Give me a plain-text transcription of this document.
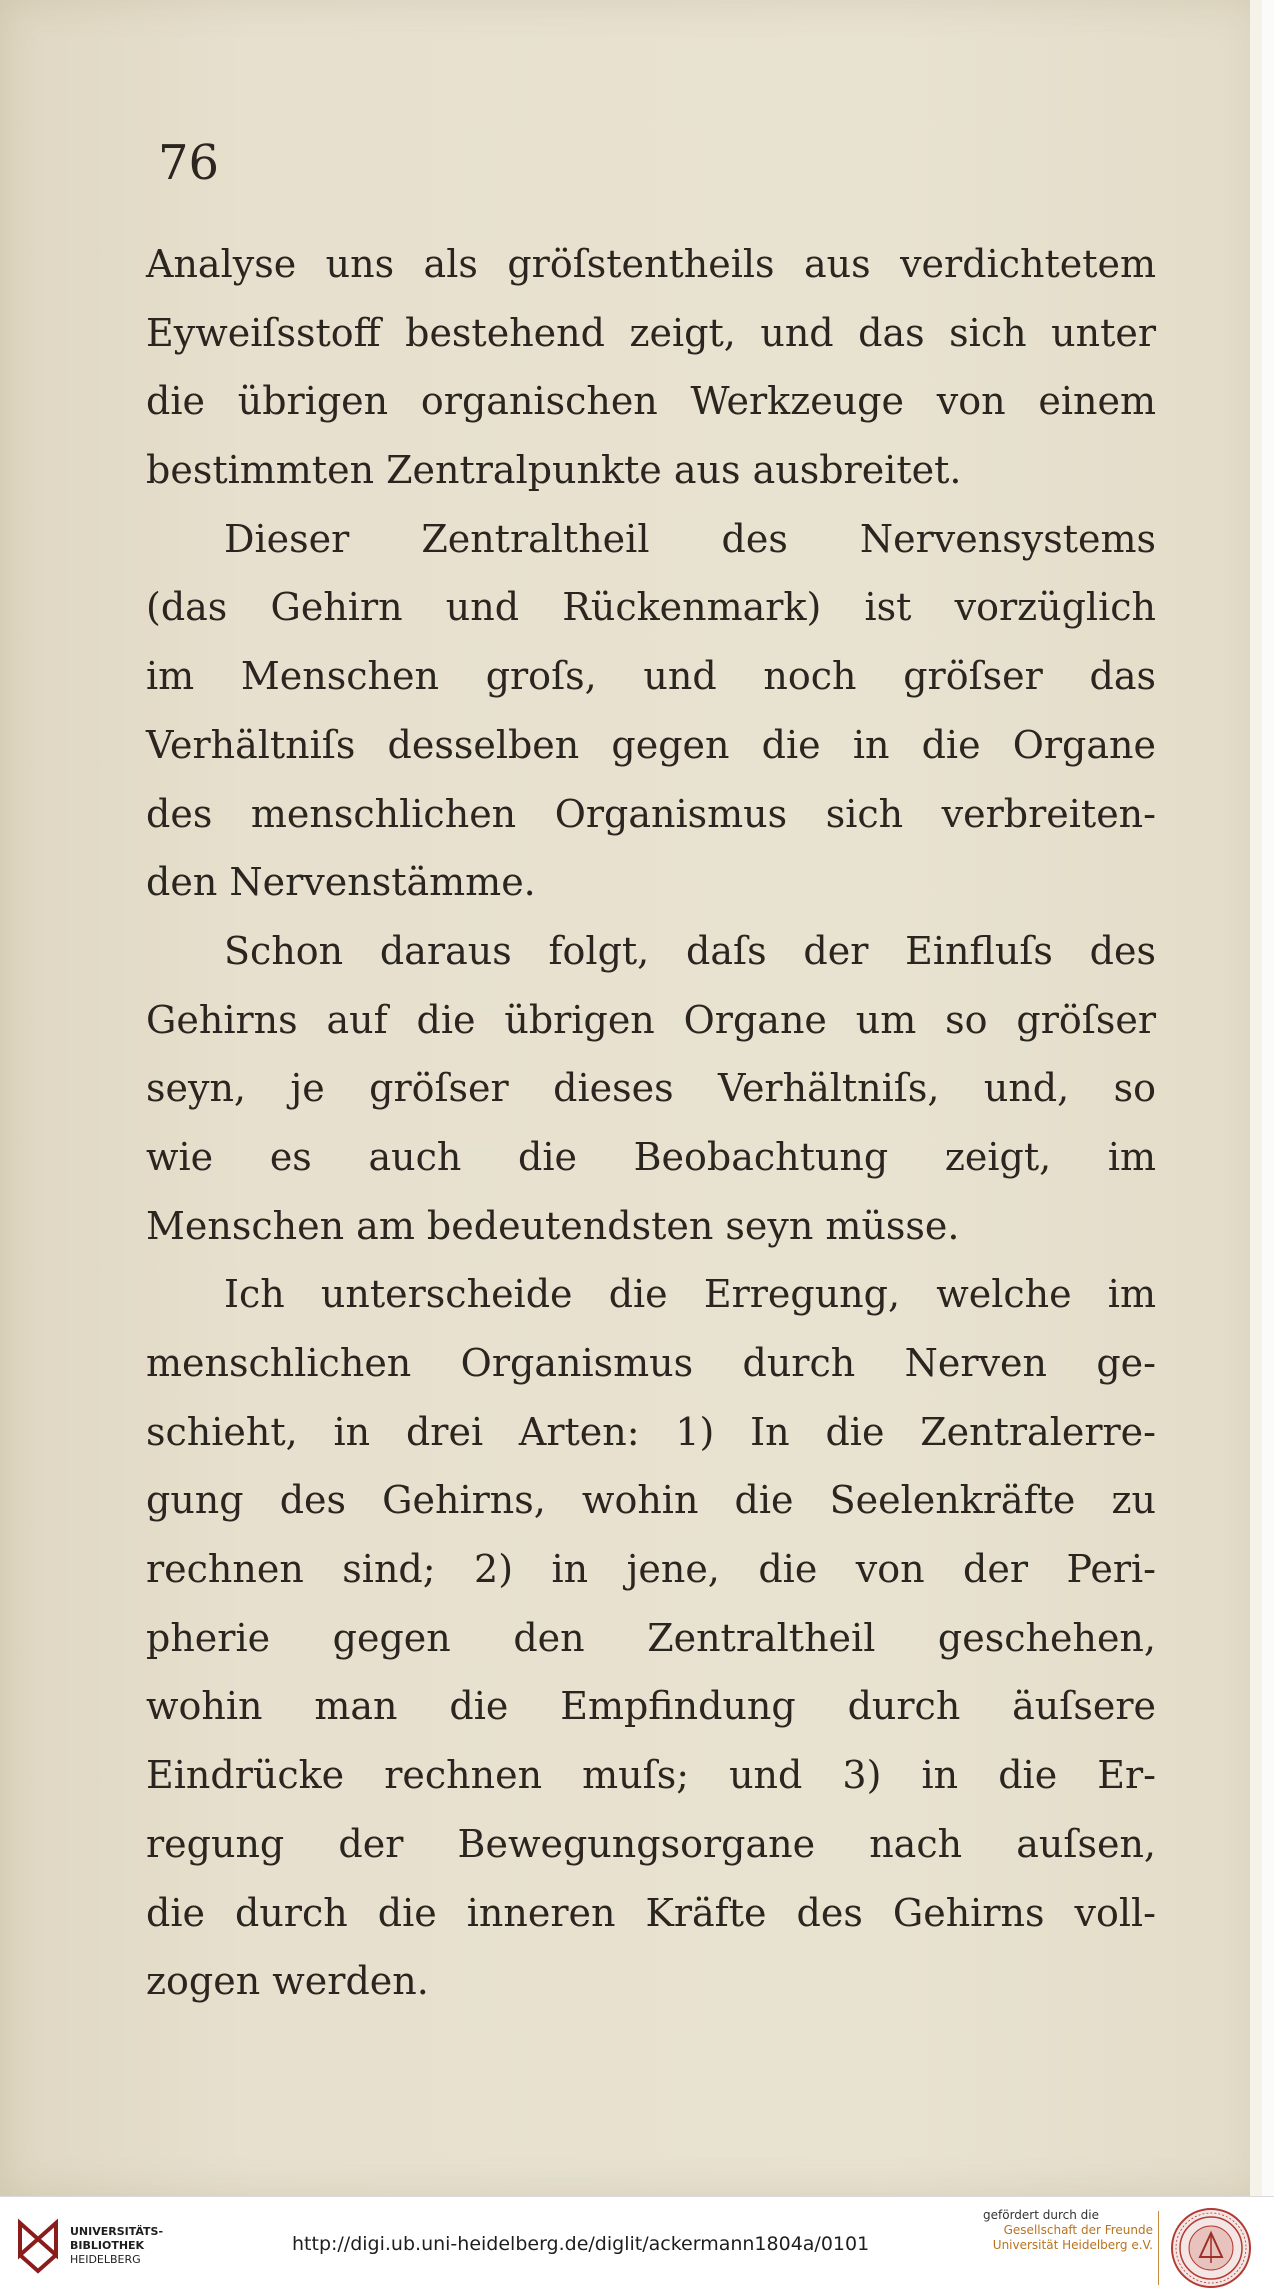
76
Analyse uns als gröſstentheils aus verdichtetem
Eyweiſsstoff bestehend zeigt, und das sich unter
die übrigen organischen Werkzeuge von einem
bestimmten Zentralpunkte aus ausbreitet.
Dieser Zentraltheil des Nervensystems
(das Gehirn und Rückenmark) ist vorzüglich
im Menschen groſs, und noch gröſser das
Verhältniſs desselben gegen die in die Organe
des menschlichen Organismus sich verbreiten-
den Nervenstämme.
Schon daraus folgt, daſs der Einfluſs des
Gehirns auf die übrigen Organe um so gröſser
seyn, je gröſser dieses Verhältniſs, und, so
wie es auch die Beobachtung zeigt, im
Menschen am bedeutendsten seyn müsse.
Ich unterscheide die Erregung, welche im
menschlichen Organismus durch Nerven ge-
schieht, in drei Arten: 1) In die Zentralerre-
gung des Gehirns, wohin die Seelenkräfte zu
rechnen sind; 2) in jene, die von der Peri-
pherie gegen den Zentraltheil geschehen,
wohin man die Empfindung durch äuſsere
Eindrücke rechnen muſs; und 3) in die Er-
regung der Bewegungsorgane nach auſsen,
die durch die inneren Kräfte des Gehirns voll-
zogen werden.
UNIVERSITÄTS-
BIBLIOTHEK
HEIDELBERG
http://digi.ub.uni-heidelberg.de/diglit/ackermann1804a/0101
gefördert durch die
Gesellschaft der Freunde
Universität Heidelberg e.V.
